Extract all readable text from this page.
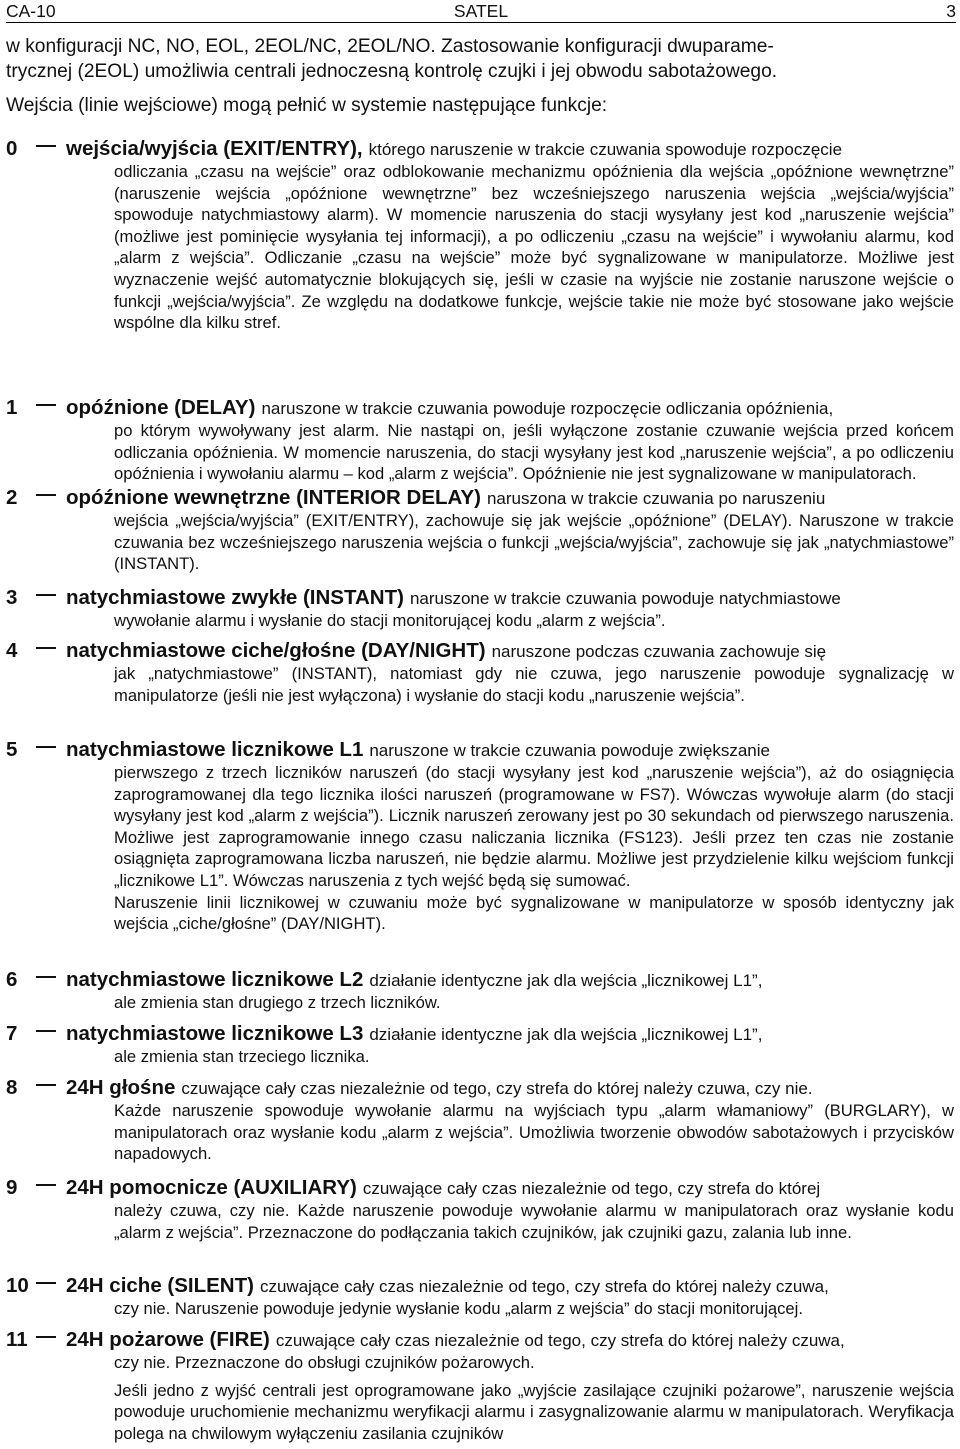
CA-10	SATEL	3
w konfiguracji NC, NO, EOL, 2EOL/NC, 2EOL/NO. Zastosowanie konfiguracji dwuparame-
trycznej (2EOL) umożliwia centrali jednoczesną kontrolę czujki i jej obwodu sabotażowego.
Wejścia (linie wejściowe) mogą pełnić w systemie następujące funkcje:
0	wejścia/wyjścia (EXIT/ENTRY), którego naruszenie w trakcie czuwania spowoduje rozpoczęcie

odliczania „czasu na wejście” oraz odblokowanie mechanizmu opóźnienia dla wejścia „opóźnione wewnętrzne” (naruszenie wejścia „opóźnione wewnętrzne” bez wcześniejszego naruszenia wejścia „wejścia/wyjścia” spowoduje natychmiastowy alarm). W momencie naruszenia do stacji wysyłany jest kod „naruszenie wejścia” (możliwe jest pominięcie wysyłania tej informacji), a po odliczeniu „czasu na wejście” i wywołaniu alarmu, kod „alarm z wejścia”. Odliczanie „czasu na wejście” może być sygnalizowane w manipulatorze. Możliwe jest wyznaczenie wejść automatycznie blokujących się, jeśli w czasie na wyjście nie zostanie naruszone wejście o funkcji „wejścia/wyjścia”. Ze względu na dodatkowe funkcje, wejście takie nie może być stosowane jako wejście wspólne dla kilku stref.

1	opóźnione (DELAY) naruszone w trakcie czuwania powoduje rozpoczęcie odliczania opóźnienia,

po którym wywoływany jest alarm. Nie nastąpi on, jeśli wyłączone zostanie czuwanie wejścia przed końcem odliczania opóźnienia. W momencie naruszenia, do stacji wysyłany jest kod „naruszenie wejścia”, a po odliczeniu opóźnienia i wywołaniu alarmu – kod „alarm z wejścia”. Opóźnienie nie jest sygnalizowane w manipulatorach.

2	opóźnione wewnętrzne (INTERIOR DELAY) naruszona w trakcie czuwania po naruszeniu

wejścia „wejścia/wyjścia” (EXIT/ENTRY), zachowuje się jak wejście „opóźnione” (DELAY). Naruszone w trakcie czuwania bez wcześniejszego naruszenia wejścia o funkcji „wejścia/wyjścia”, zachowuje się jak „natychmiastowe” (INSTANT).

3	natychmiastowe zwykłe (INSTANT) naruszone w trakcie czuwania powoduje natychmiastowe

wywołanie alarmu i wysłanie do stacji monitorującej kodu „alarm z wejścia”.

4	natychmiastowe ciche/głośne (DAY/NIGHT) naruszone podczas czuwania zachowuje się

jak „natychmiastowe” (INSTANT), natomiast gdy nie czuwa, jego naruszenie powoduje sygnalizację w manipulatorze (jeśli nie jest wyłączona) i wysłanie do stacji kodu „naruszenie wejścia”.

5	natychmiastowe licznikowe L1 naruszone w trakcie czuwania powoduje zwiększanie

pierwszego z trzech liczników naruszeń (do stacji wysyłany jest kod „naruszenie wejścia”), aż do osiągnięcia zaprogramowanej dla tego licznika ilości naruszeń (programowane w FS7). Wówczas wywołuje alarm (do stacji wysyłany jest kod „alarm z wejścia”). Licznik naruszeń zerowany jest po 30 sekundach od pierwszego naruszenia. Możliwe jest zaprogramowanie innego czasu naliczania licznika (FS123). Jeśli przez ten czas nie zostanie osiągnięta zaprogramowana liczba naruszeń, nie będzie alarmu. Możliwe jest przydzielenie kilku wejściom funkcji „licznikowe L1”. Wówczas naruszenia z tych wejść będą się sumować.

Naruszenie linii licznikowej w czuwaniu może być sygnalizowane w manipulatorze w sposób identyczny jak wejścia „ciche/głośne” (DAY/NIGHT).

6	natychmiastowe licznikowe L2 działanie identyczne jak dla wejścia „licznikowej L1”,

ale zmienia stan drugiego z trzech liczników.

7	natychmiastowe licznikowe L3 działanie identyczne jak dla wejścia „licznikowej L1”,

ale zmienia stan trzeciego licznika.

8	24H głośne czuwające cały czas niezależnie od tego, czy strefa do której należy czuwa, czy nie.

Każde naruszenie spowoduje wywołanie alarmu na wyjściach typu „alarm włamaniowy” (BURGLARY), w manipulatorach oraz wysłanie kodu „alarm z wejścia”. Umożliwia tworzenie obwodów sabotażowych i przycisków napadowych.

9	24H pomocnicze (AUXILIARY) czuwające cały czas niezależnie od tego, czy strefa do której

należy czuwa, czy nie. Każde naruszenie powoduje wywołanie alarmu w manipulatorach oraz wysłanie kodu „alarm z wejścia”. Przeznaczone do podłączania takich czujników, jak czujniki gazu, zalania lub inne.

10	24H ciche (SILENT) czuwające cały czas niezależnie od tego, czy strefa do której należy czuwa,

czy nie. Naruszenie powoduje jedynie wysłanie kodu „alarm z wejścia” do stacji monitorującej.

11	24H pożarowe (FIRE) czuwające cały czas niezależnie od tego, czy strefa do której należy czuwa,

czy nie. Przeznaczone do obsługi czujników pożarowych.

Jeśli jedno z wyjść centrali jest oprogramowane jako „wyjście zasilające czujniki pożarowe”, naruszenie wejścia powoduje uruchomienie mechanizmu weryfikacji alarmu i zasygnalizowanie alarmu w manipulatorach. Weryfikacja polega na chwilowym wyłączeniu zasilania czujników
